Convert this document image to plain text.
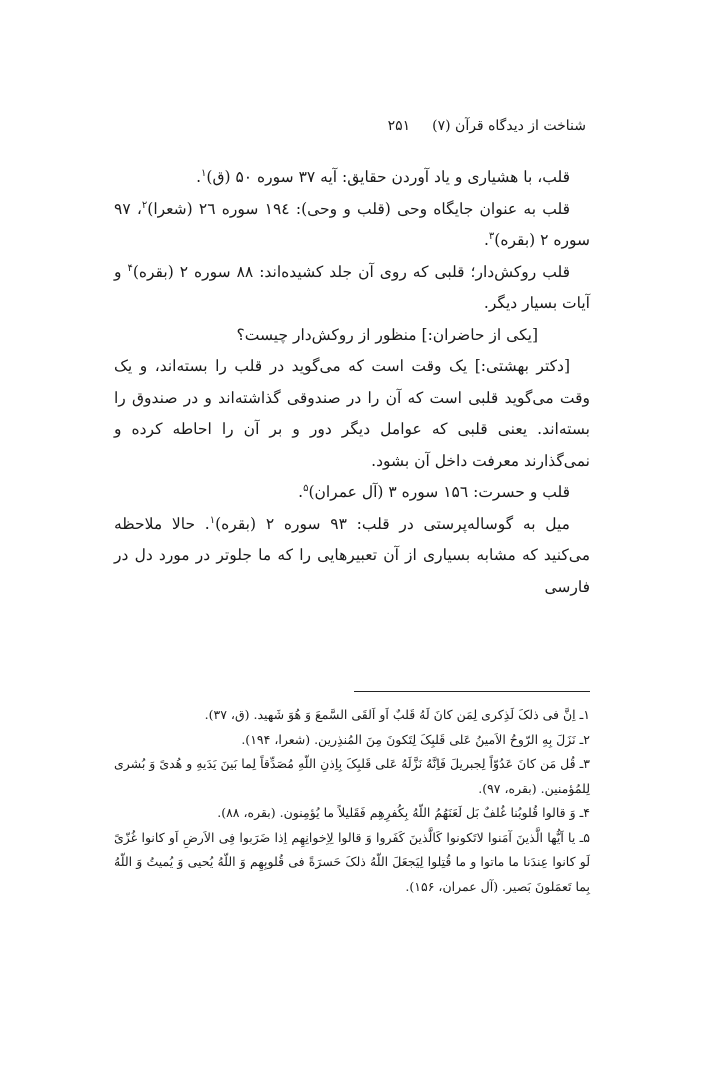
شناخت از دیدگاه قرآن (۷)
۲۵۱

قلب، با هشیاری و یاد آوردن حقایق: آیه ۳۷ سوره ۵۰ (ق)$^۱$.

قلب به عنوان جایگاه وحی (قلب و وحی): ۱۹٤ سوره ۲٦ (شعرا)$^۲$، ۹۷ سوره ۲ (بقره)$^۳$.

قلب روکش‌دار؛ قلبی که روی آن جلد کشیده‌اند: ۸۸ سوره ۲ (بقره)$^۴$ و آیات بسیار دیگر.

[یکی از حاضران:] منظور از روکش‌دار چیست؟

[دکتر بهشتی:] یک وقت است که می‌گوید در قلب را بسته‌اند، و یک وقت می‌گوید قلبی است که آن را در صندوقی گذاشته‌اند و در صندوق را بسته‌اند. یعنی قلبی که عوامل دیگر دور و بر آن را احاطه کرده و نمی‌گذارند معرفت داخل آن بشود.

قلب و حسرت: ۱۵٦ سوره ۳ (آل عمران)$^۵$.

میل به گوساله‌پرستی در قلب: ۹۳ سوره ۲ (بقره)$^۱$. حالا ملاحظه می‌کنید که مشابه بسیاری از آن تعبیرهایی را که ما جلوتر در مورد دل در فارسی

۱ـ اِنَّ فی ذلکَ لَذِکری لِمَن کانَ لَهُ قَلبٌ اَو اَلقَی السَّمعَ وَ هُوَ شَهید. (ق، ۳۷).

۲ـ نَزَلَ بِهِ الرّوحُ الاَمینُ عَلی قَلبِکَ لِتَکونَ مِنَ المُنذِرین. (شعرا، ۱۹۴).

۳ـ قُل مَن کانَ عَدُوّاً لِجبریلَ فَاِنَّهُ نَزَّلَهُ عَلی قَلبِکَ بِاِذنِ اللّهِ مُصَدِّقاً لِما بَینَ یَدَیهِ و هُدیً وَ بُشری لِلمُؤمنین. (بقره، ۹۷).

۴ـ وَ قالوا قُلوبُنا غُلفٌ بَل لَعَنَهُمُ اللّهُ بِکُفرِهِم فَقَلیلاً ما یُؤمِنون. (بقره، ۸۸).

۵ـ یا اَیُّها الَّذینَ آمَنوا لاتَکونوا کَالَّذینَ کَفَروا وَ قالوا لِاِخوانِهِم اِذا ضَرَبوا فِی الاَرضِ اَو کانوا غُزّیً لَو کانوا عِندَنا ما ماتوا و ما قُتِلوا لِیَجعَلَ اللّهُ ذلکَ حَسرَةً فی قُلوبِهِم وَ اللّهُ یُحیی وَ یُمیتُ وَ اللّهُ بِما تَعمَلونَ بَصیر. (آل عمران، ۱۵۶).
